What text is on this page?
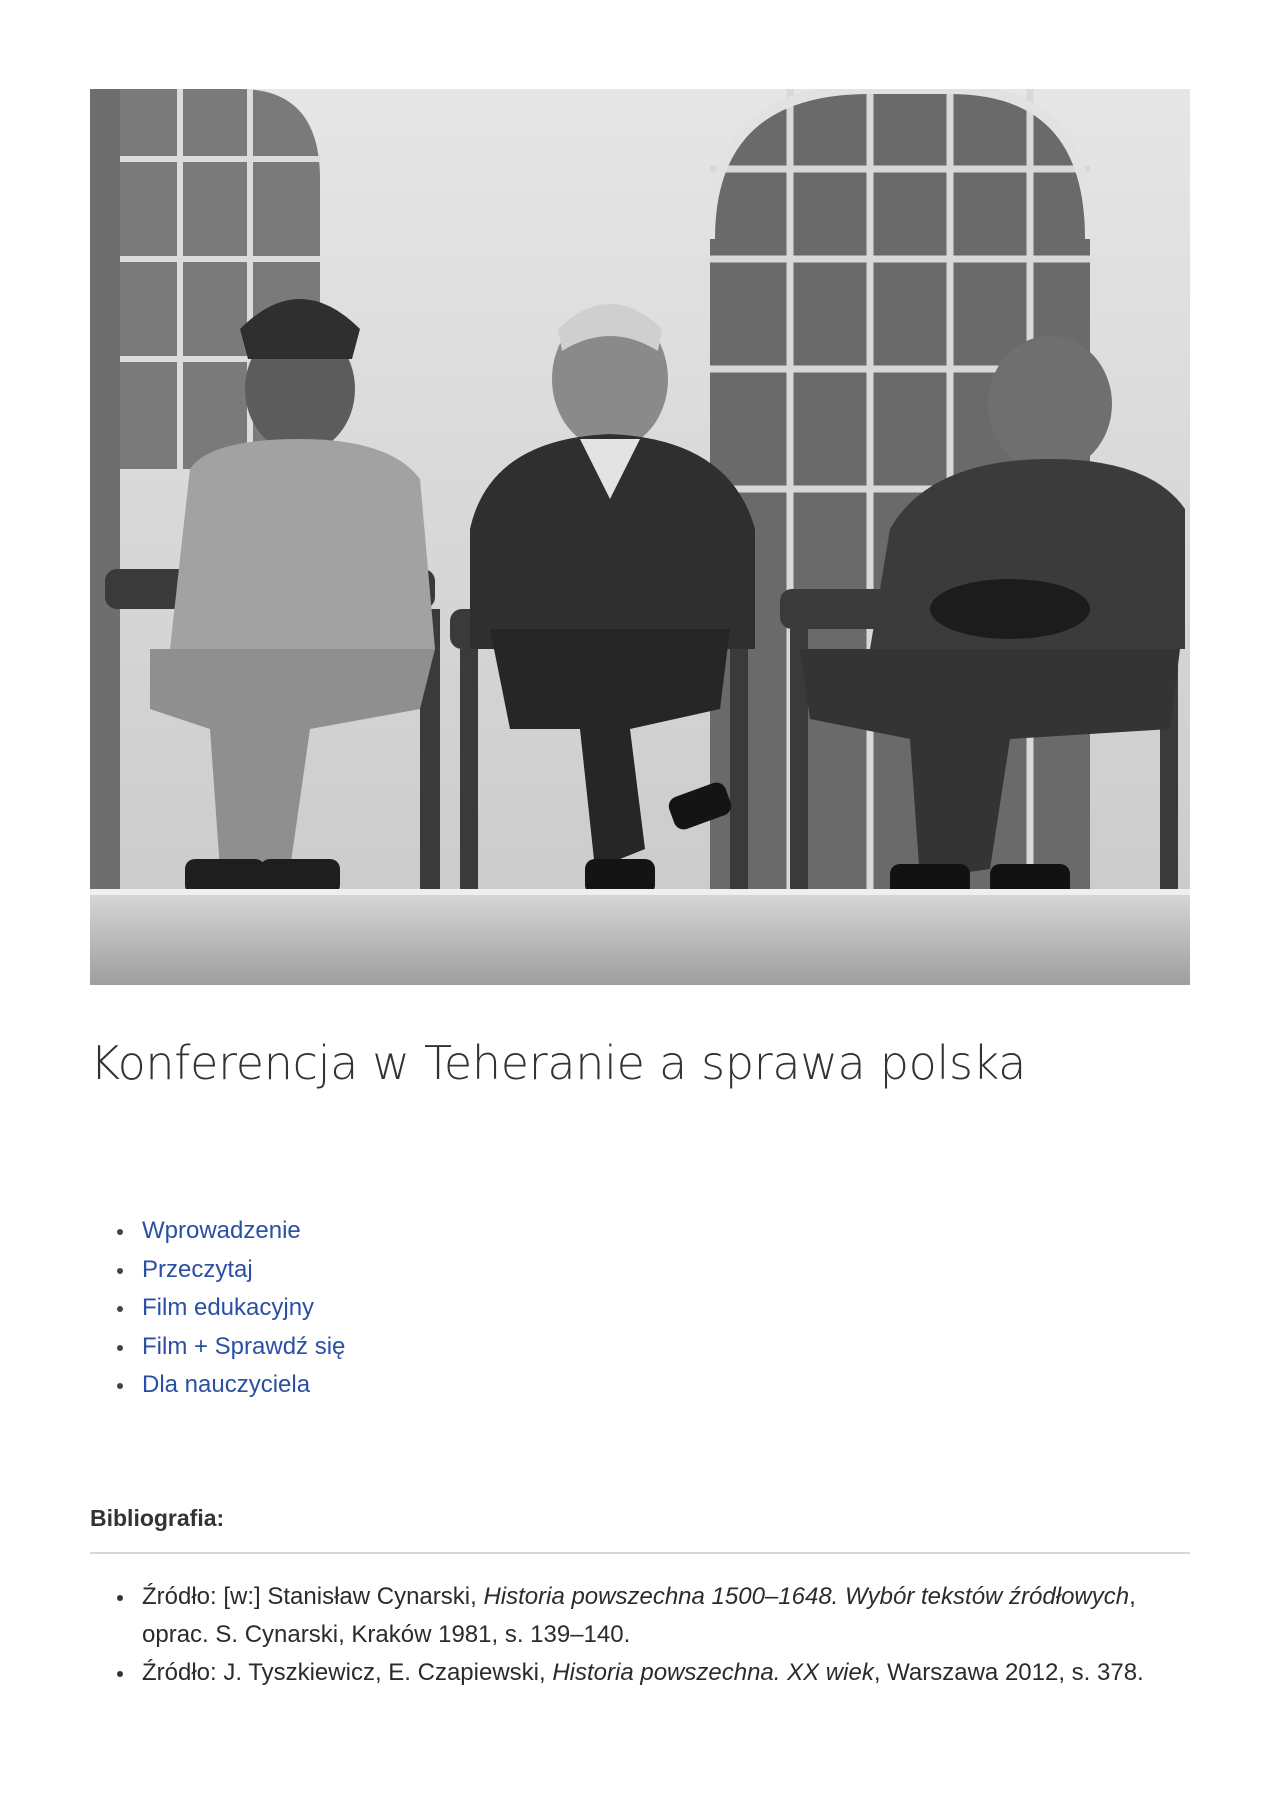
Konferencja w Teheranie a sprawa polska
Wprowadzenie
Przeczytaj
Film edukacyjny
Film + Sprawdź się
Dla nauczyciela
Bibliografia:
Źródło: [w:] Stanisław Cynarski, Historia powszechna 1500–1648. Wybór tekstów źródłowych, oprac. S. Cynarski, Kraków 1981, s. 139–140.
Źródło: J. Tyszkiewicz, E. Czapiewski, Historia powszechna. XX wiek, Warszawa 2012, s. 378.
